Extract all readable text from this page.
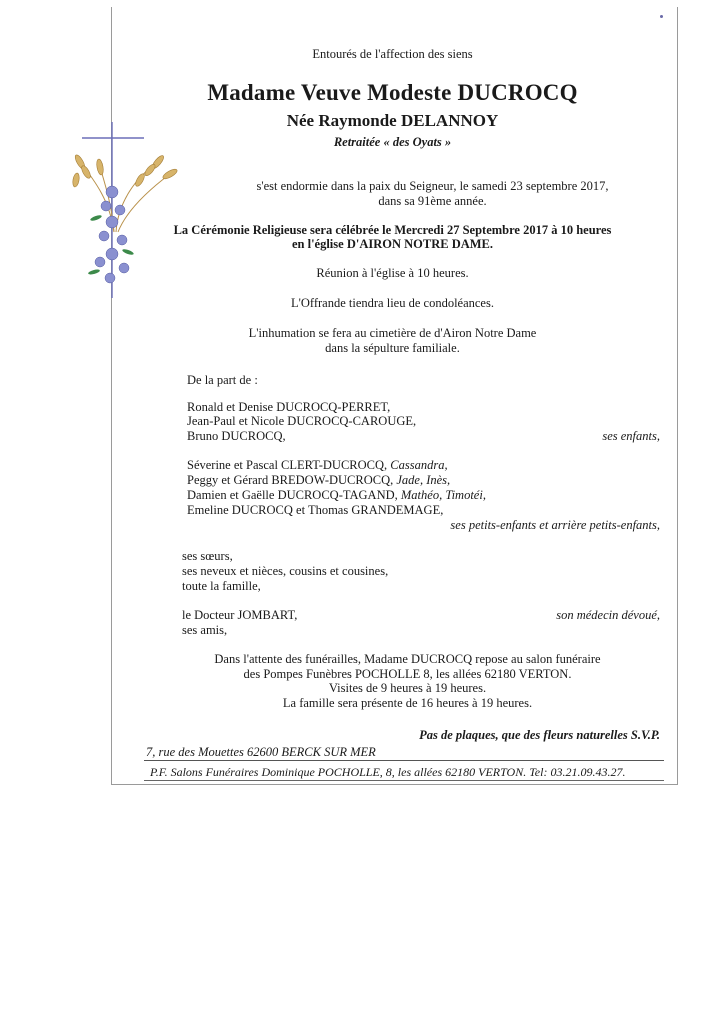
Entourés de l'affection des siens
Madame Veuve Modeste DUCROCQ
Née Raymonde DELANNOY
Retraitée « des Oyats »
s'est endormie dans la paix du Seigneur, le samedi 23 septembre 2017,
dans sa 91ème année.
La Cérémonie Religieuse sera célébrée le Mercredi 27 Septembre 2017 à 10 heures
en l'église D'AIRON NOTRE DAME.
Réunion à l'église à 10 heures.
L'Offrande tiendra lieu de condoléances.
L'inhumation se fera au cimetière de d'Airon Notre Dame
dans la sépulture familiale.
De la part de :
Ronald et Denise DUCROCQ-PERRET,
Jean-Paul et Nicole DUCROCQ-CAROUGE,
Bruno DUCROCQ,	ses enfants,
Séverine et Pascal CLERT-DUCROCQ, Cassandra,
Peggy et Gérard BREDOW-DUCROCQ, Jade, Inès,
Damien et Gaëlle DUCROCQ-TAGAND, Mathéo, Timotéi,
Emeline DUCROCQ et Thomas GRANDEMAGE,
ses petits-enfants et arrière petits-enfants,
ses sœurs,
ses neveux et nièces, cousins et cousines,
toute la famille,
le Docteur JOMBART,	son médecin dévoué,
ses amis,
Dans l'attente des funérailles, Madame DUCROCQ repose au salon funéraire
des Pompes Funèbres POCHOLLE 8, les allées 62180 VERTON.
Visites de 9 heures à 19 heures.
La famille sera présente de 16 heures à 19 heures.
Pas de plaques, que des fleurs naturelles S.V.P.
7, rue des Mouettes 62600 BERCK SUR MER
P.F. Salons Funéraires Dominique POCHOLLE, 8, les allées 62180 VERTON. Tel: 03.21.09.43.27.
